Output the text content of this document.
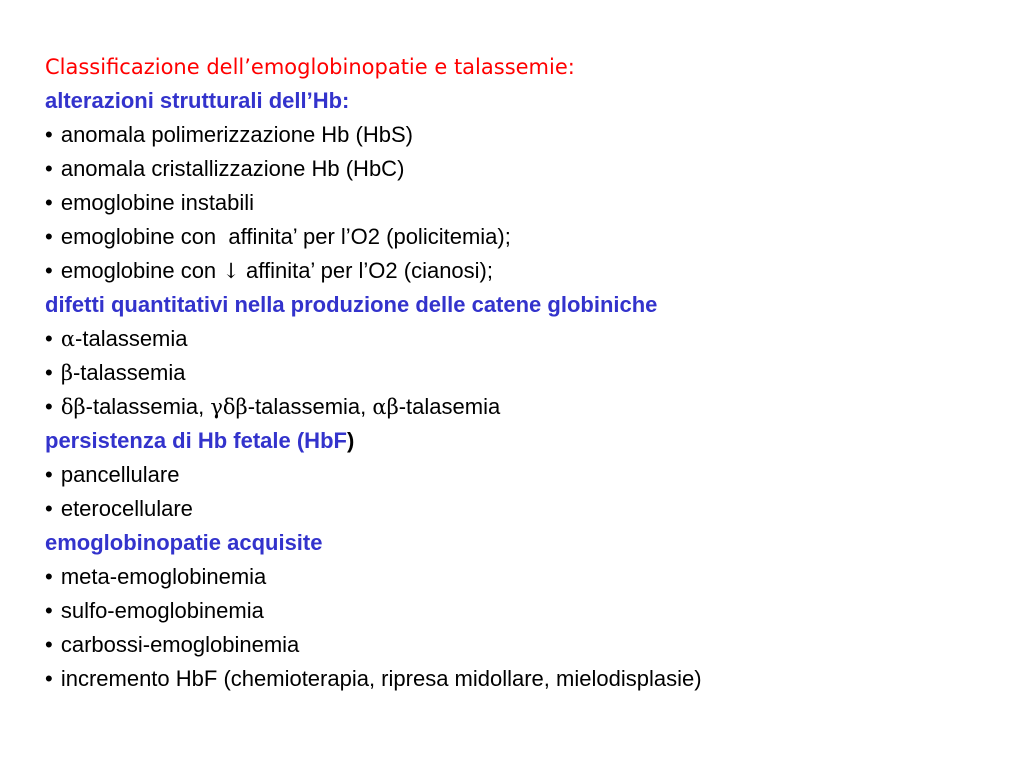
Classificazione dell’emoglobinopatie e talassemie:
alterazioni strutturali dell’Hb:
• anomala polimerizzazione Hb (HbS)
• anomala cristallizzazione Hb (HbC)
• emoglobine instabili
• emoglobine con  affinita’ per l’O2 (policitemia);
• emoglobine con ↓ affinita’ per l’O2 (cianosi);
difetti quantitativi nella produzione delle catene globiniche
• α-talassemia
• β-talassemia
• δβ-talassemia, γδβ-talassemia, αβ-talasemia
persistenza di Hb fetale (HbF)
• pancellulare
• eterocellulare
emoglobinopatie acquisite
• meta-emoglobinemia
• sulfo-emoglobinemia
• carbossi-emoglobinemia
• incremento HbF (chemioterapia, ripresa midollare, mielodisplasie)
